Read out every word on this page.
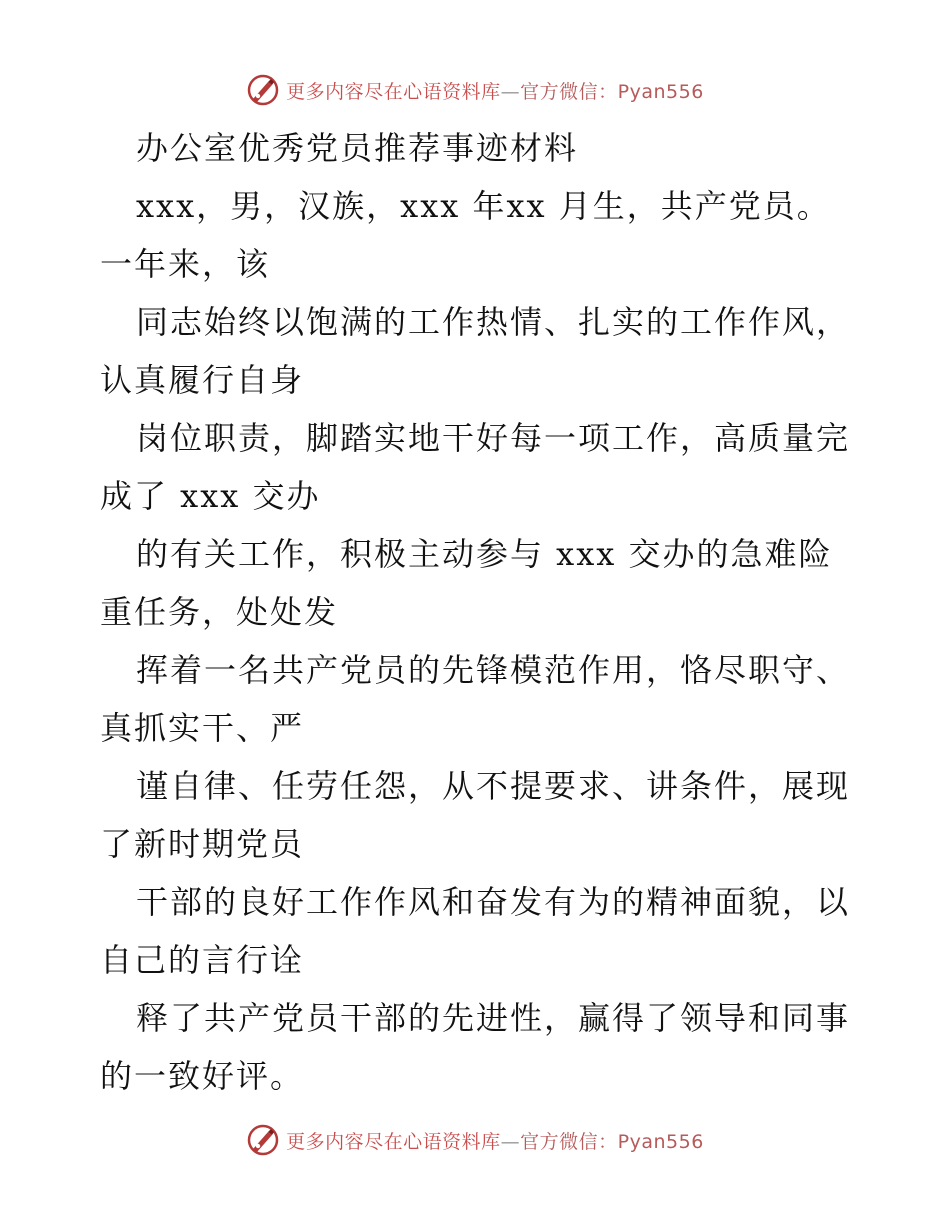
更多内容尽在心语资料库—官方微信：Pyan556
办公室优秀党员推荐事迹材料
xxx，男，汉族，xxx 年xx 月生，共产党员。
一年来，该
同志始终以饱满的工作热情、扎实的工作作风，
认真履行自身
岗位职责，脚踏实地干好每一项工作，高质量完
成了 xxx 交办
的有关工作，积极主动参与 xxx 交办的急难险
重任务，处处发
挥着一名共产党员的先锋模范作用，恪尽职守、
真抓实干、严
谨自律、任劳任怨，从不提要求、讲条件，展现
了新时期党员
干部的良好工作作风和奋发有为的精神面貌，以
自己的言行诠
释了共产党员干部的先进性，赢得了领导和同事
的一致好评。
更多内容尽在心语资料库—官方微信：Pyan556
